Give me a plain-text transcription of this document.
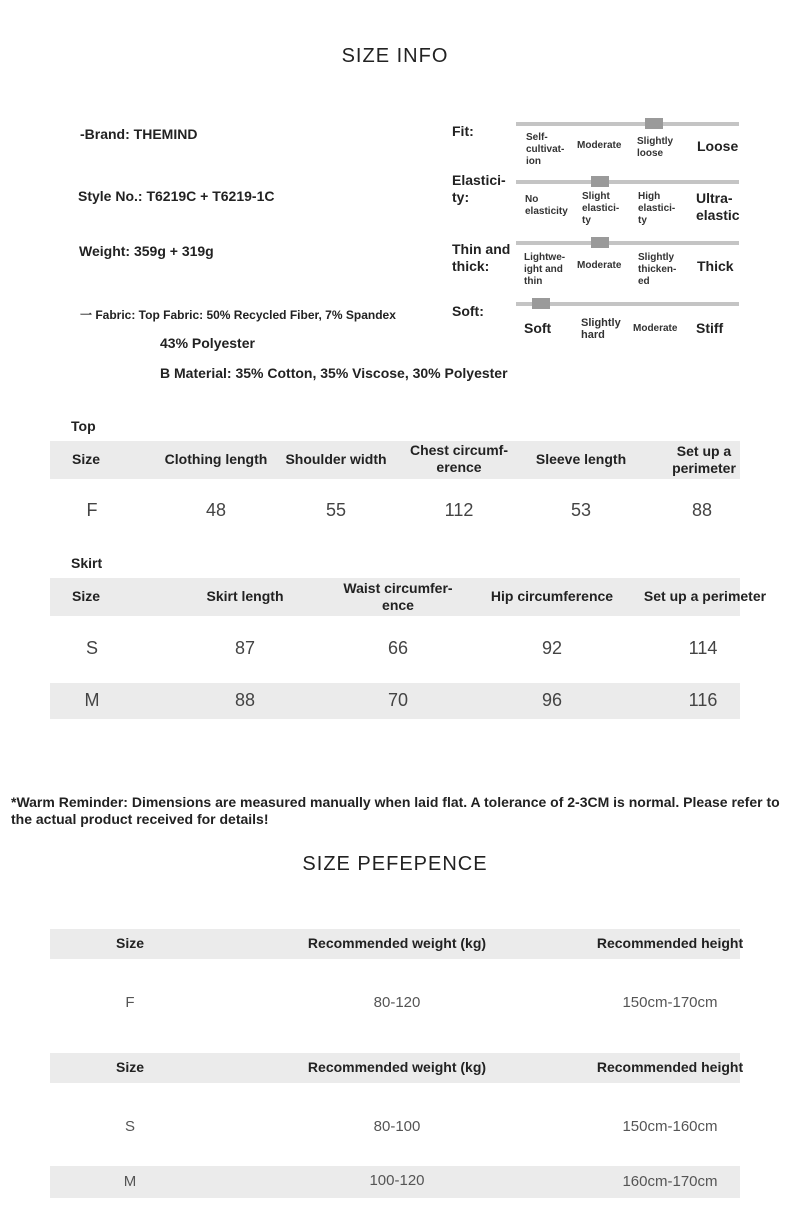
SIZE INFO
-Brand: THEMIND
Style No.: T6219C + T6219-1C
Weight: 359g + 319g
一 Fabric: Top Fabric: 50% Recycled Fiber, 7% Spandex
43% Polyester
B Material: 35% Cotton, 35% Viscose, 30% Polyester
Fit:
Elastici-
ty:
Thin and
thick:
Soft:
Self-
cultivat-
ion
Moderate Slightly
loose	Loose
No
elasticity
Slight
elastici-
ty
High
elastici-
ty
Ultra-
elastic
Lightwe-
ight and
thin
Moderate
Slightly
thicken-
ed
Thick
Soft	Slightly
hard
Moderate Stiff
Top
Size	Clothing length	Shoulder width
Chest circumf-
erence	Sleeve length	Set up a
perimeter
F	48	55	112	53	88
Skirt
Size	Skirt length	Waist circumfer-
ence
Hip circumference	Set up a perimeter
S	87	66	92	114
M	88	70	96	116
*Warm Reminder: Dimensions are measured manually when laid flat. A tolerance of 2-3CM is normal. Please refer to the actual product received for details!
SIZE PEFEPENCE
Size	Recommended weight (kg)	Recommended height
F	80-120	150cm-170cm
Size	Recommended weight (kg)	Recommended height
S	80-100	150cm-160cm
M	100-120	160cm-170cm
